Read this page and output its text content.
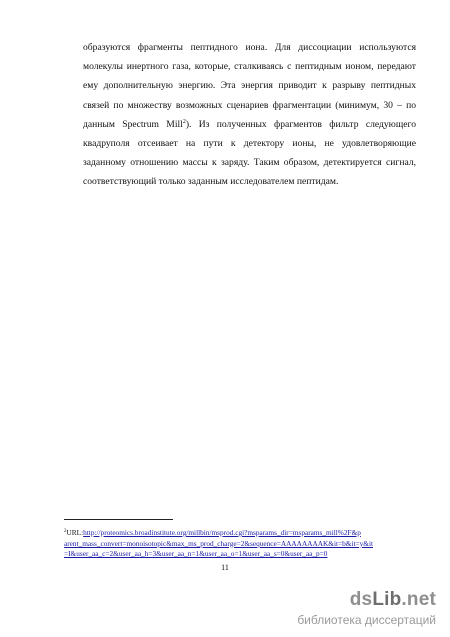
образуются фрагменты пептидного иона. Для диссоциации используются
молекулы инертного газа, которые, сталкиваясь с пептидным ионом, передают
ему дополнительную энергию. Эта энергия приводит к разрыву пептидных
связей по множеству возможных сценариев фрагментации (минимум, 30 – по
данным Spectrum Mill$^2$). Из полученных фрагментов фильтр следующего
квадруполя отсеивает на пути к детектору ионы, не удовлетворяющие
заданному отношению массы к заряду. Таким образом, детектируется сигнал,
соответствующий только заданным исследователем пептидам.

$^2$URL:http://proteomics.broadinstitute.org/millbin/msprod.cgi?msparams_dir=msparams_mill%2F&p
arent_mass_convert=monoisotopic&max_ms_prod_charge=2&sequence=AAAAAAAAK&it=b&it=y&it
=I&user_aa_c=2&user_aa_h=3&user_aa_n=1&user_aa_o=1&user_aa_s=0&user_aa_p=0

11
dsLib.net
библиотека диссертаций
